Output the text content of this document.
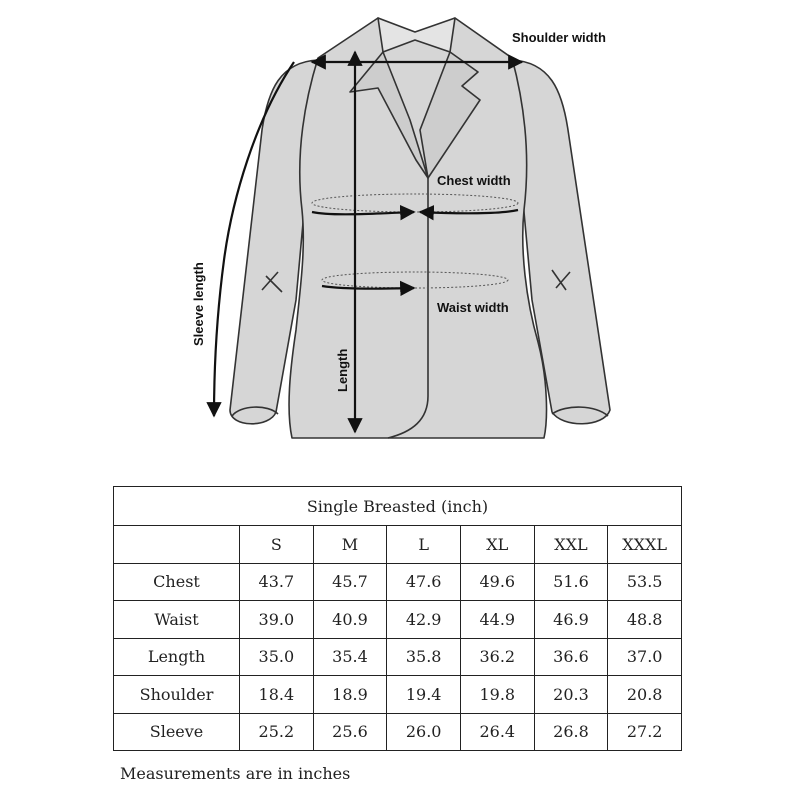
Shoulder width
Chest width
Waist width
Sleeve length
Length
Single Breasted (inch)						
	S	M	L	XL	XXL	XXXL
Chest	43.7	45.7	47.6	49.6	51.6	53.5
Waist	39.0	40.9	42.9	44.9	46.9	48.8
Length	35.0	35.4	35.8	36.2	36.6	37.0
Shoulder	18.4	18.9	19.4	19.8	20.3	20.8
Sleeve	25.2	25.6	26.0	26.4	26.8	27.2
Measurements are in inches
